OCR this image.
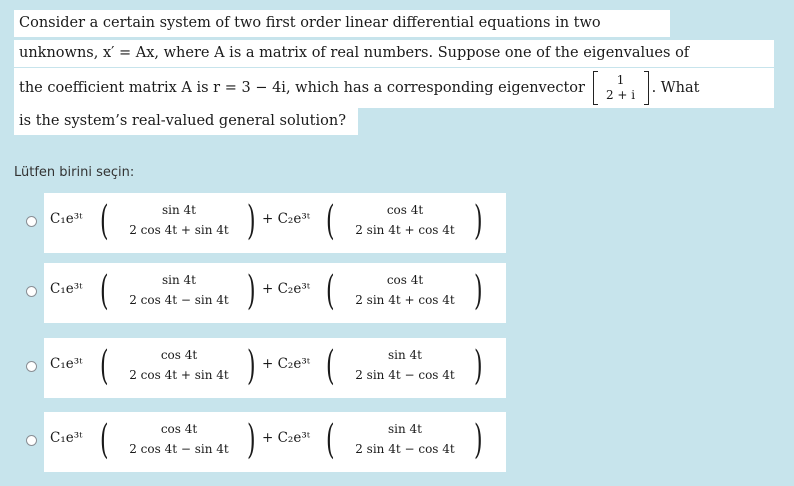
Consider a certain system of two first order linear differential equations in two
unknowns, x′ = Ax, where A is a matrix of real numbers. Suppose one of the eigenvalues of
the coefficient matrix A is r = 3 − 4i, which has a corresponding eigenvector	1
2 + i	. What
is the system’s real-valued general solution?
Lütfen birini seçin:
C₁e³ᵗ (	sin 4t
2 cos 4t + sin 4t ) + C₂e³ᵗ (	cos 4t
2 sin 4t + cos 4t )
C₁e³ᵗ (	sin 4t
2 cos 4t − sin 4t ) + C₂e³ᵗ (	cos 4t
2 sin 4t + cos 4t )
C₁e³ᵗ (	cos 4t
2 cos 4t + sin 4t ) + C₂e³ᵗ (	sin 4t
2 sin 4t − cos 4t )
C₁e³ᵗ (	cos 4t
2 cos 4t − sin 4t ) + C₂e³ᵗ (	sin 4t
2 sin 4t − cos 4t )
